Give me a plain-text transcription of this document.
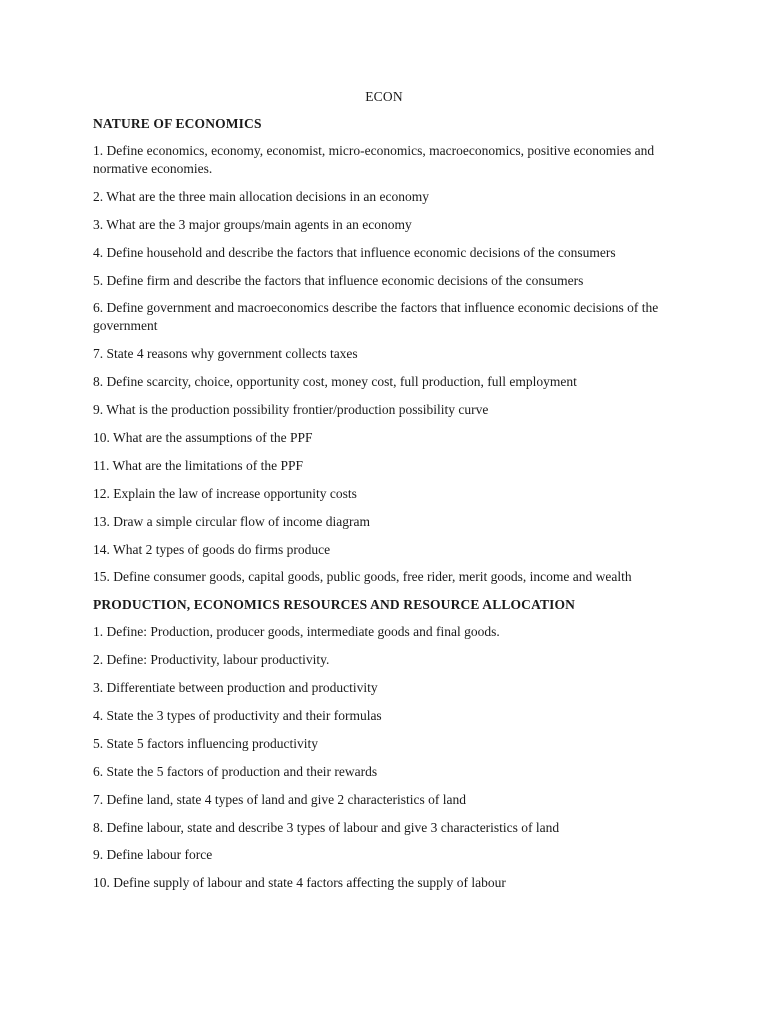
ECON
NATURE OF ECONOMICS
1. Define economics, economy, economist, micro-economics, macroeconomics, positive economies and normative economies.
2. What are the three main allocation decisions in an economy
3. What are the 3 major groups/main agents in an economy
4. Define household and describe the factors that influence economic decisions of the consumers
5. Define firm and describe the factors that influence economic decisions of the consumers
6. Define government and macroeconomics describe the factors that influence economic decisions of the government
7. State 4 reasons why government collects taxes
8. Define scarcity, choice, opportunity cost, money cost, full production, full employment
9. What is the production possibility frontier/production possibility curve
10. What are the assumptions of the PPF
11. What are the limitations of the PPF
12. Explain the law of increase opportunity costs
13. Draw a simple circular flow of income diagram
14. What 2 types of goods do firms produce
15. Define consumer goods, capital goods, public goods, free rider, merit goods, income and wealth
PRODUCTION, ECONOMICS RESOURCES AND RESOURCE ALLOCATION
1. Define: Production, producer goods, intermediate goods and final goods.
2. Define: Productivity, labour productivity.
3. Differentiate between production and productivity
4. State the 3 types of productivity and their formulas
5. State 5 factors influencing productivity
6. State the 5 factors of production and their rewards
7. Define land, state 4 types of land and give 2 characteristics of land
8. Define labour, state and describe 3 types of labour and give 3 characteristics of land
9. Define labour force
10. Define supply of labour and state 4 factors affecting the supply of labour
